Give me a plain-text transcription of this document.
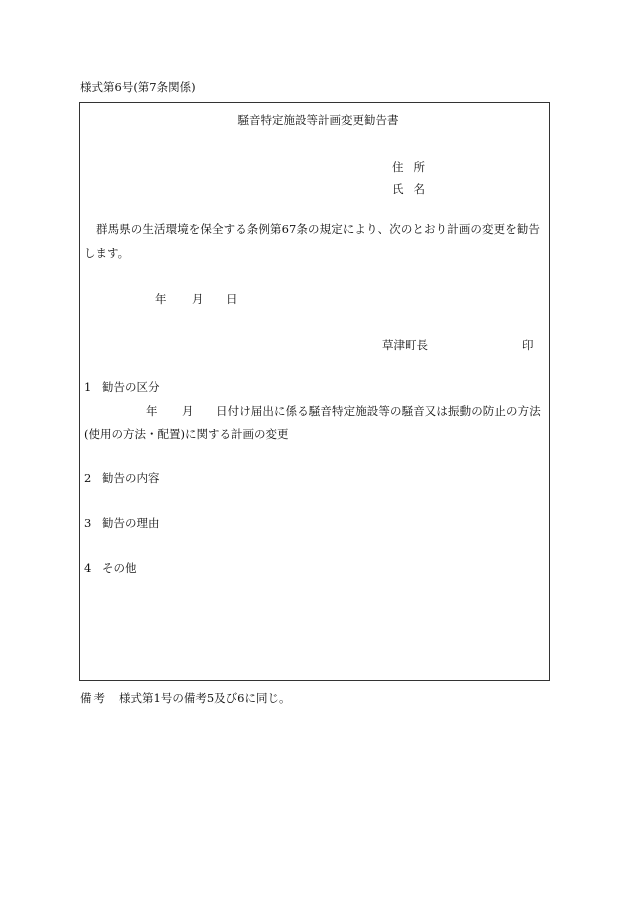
様式第6号(第7条関係)
騒音特定施設等計画変更勧告書
住所
氏名
群馬県の生活環境を保全する条例第67条の規定により、次のとおり計画の変更を勧告
します。
年 月 日
草津町長	印
1 勧告の区分
年 月 日付け届出に係る騒音特定施設等の騒音又は振動の防止の方法
(使用の方法・配置)に関する計画の変更
2 勧告の内容
3 勧告の理由
4 その他
備考 様式第1号の備考5及び6に同じ。
